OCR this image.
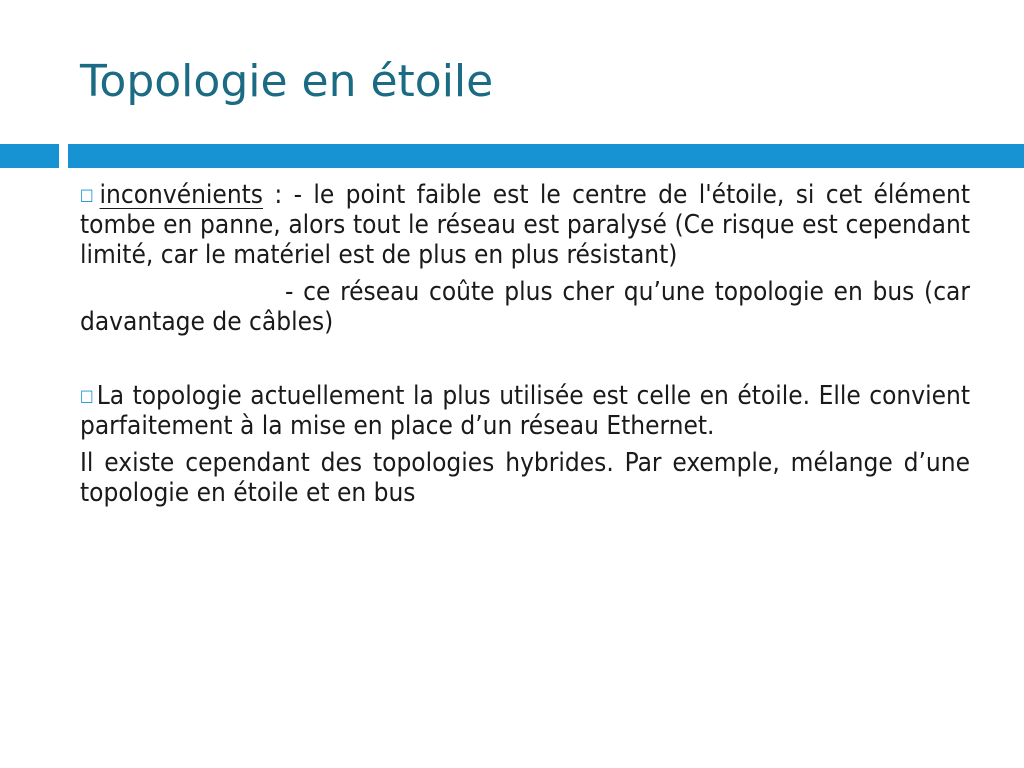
Topologie en étoile

□inconvénients : - le point faible est le centre de l'étoile, si cet élément tombe en panne, alors tout le réseau est paralysé (Ce risque est cependant limité, car le matériel est de plus en plus résistant)

- ce réseau coûte plus cher qu’une topologie en bus (car davantage de câbles)

□La topologie actuellement la plus utilisée est celle en étoile. Elle convient parfaitement à la mise en place d’un réseau Ethernet.

Il existe cependant des topologies hybrides. Par exemple, mélange d’une topologie en étoile et en bus
